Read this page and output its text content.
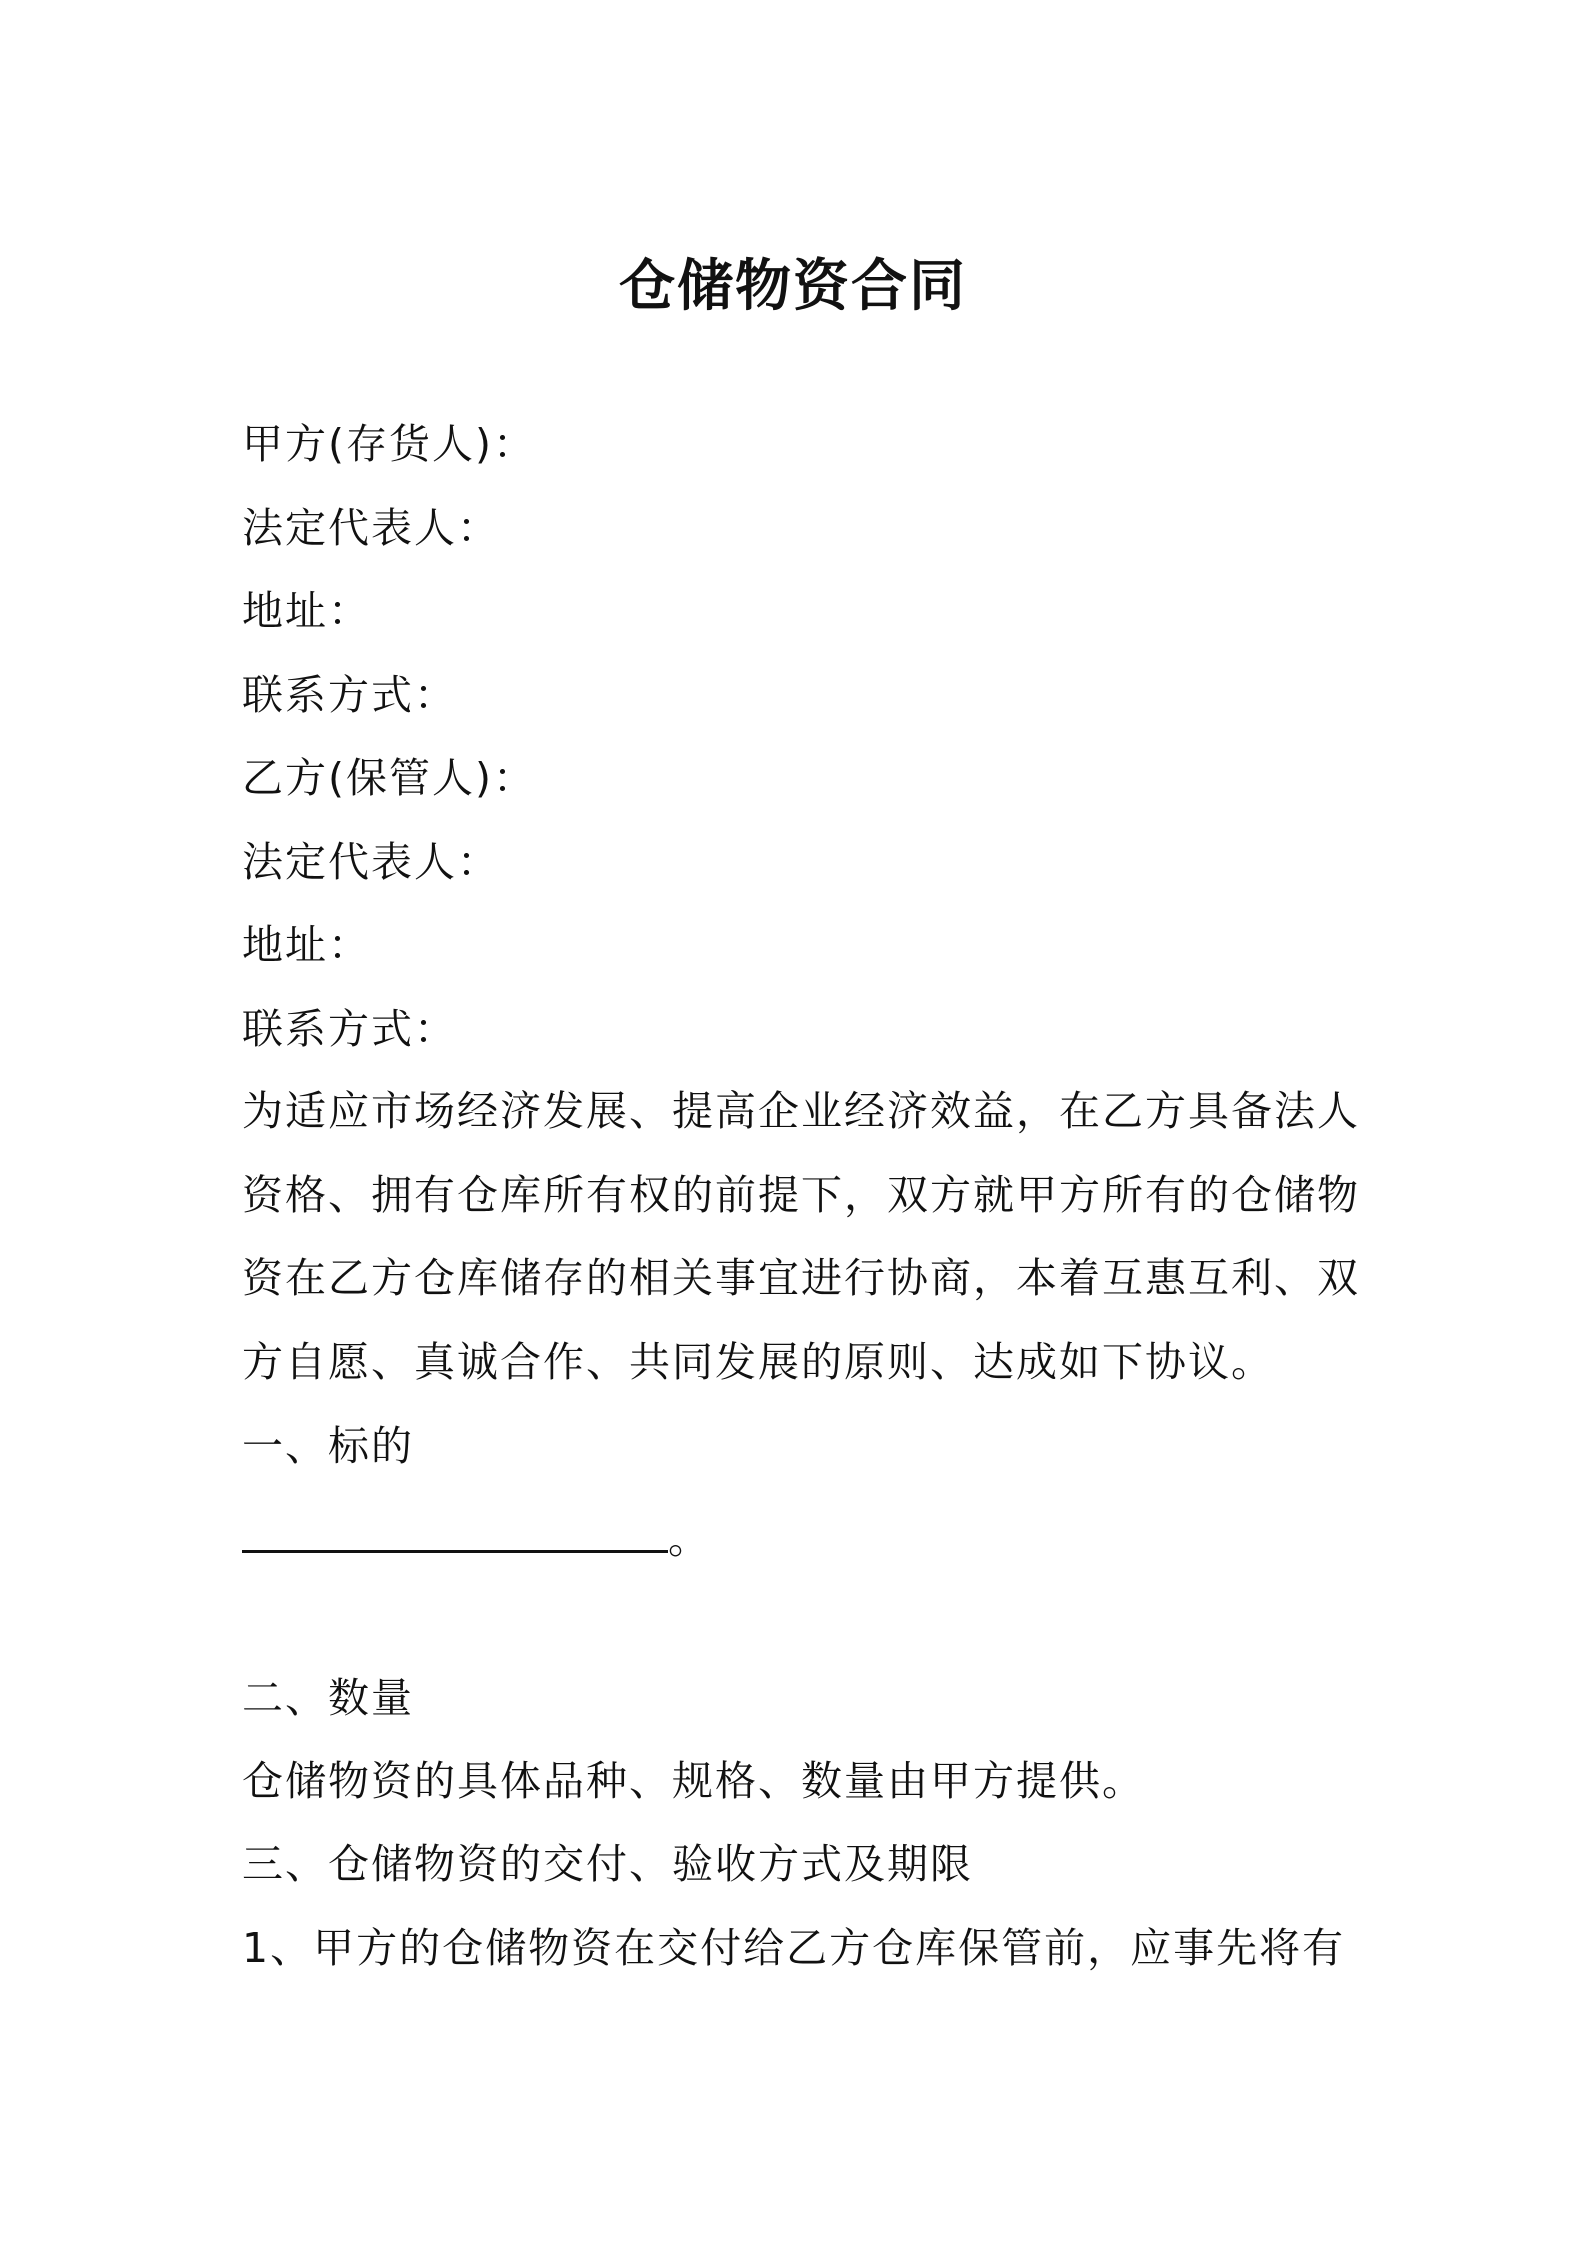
仓储物资合同
甲方(存货人)：
法定代表人：
地址：
联系方式：
乙方(保管人)：
法定代表人：
地址：
联系方式：
为适应市场经济发展、提高企业经济效益，在乙方具备法人
资格、拥有仓库所有权的前提下，双方就甲方所有的仓储物
资在乙方仓库储存的相关事宜进行协商，本着互惠互利、双
方自愿、真诚合作、共同发展的原则、达成如下协议。
一、标的
。
二、数量
仓储物资的具体品种、规格、数量由甲方提供。
三、仓储物资的交付、验收方式及期限
1、甲方的仓储物资在交付给乙方仓库保管前，应事先将有
